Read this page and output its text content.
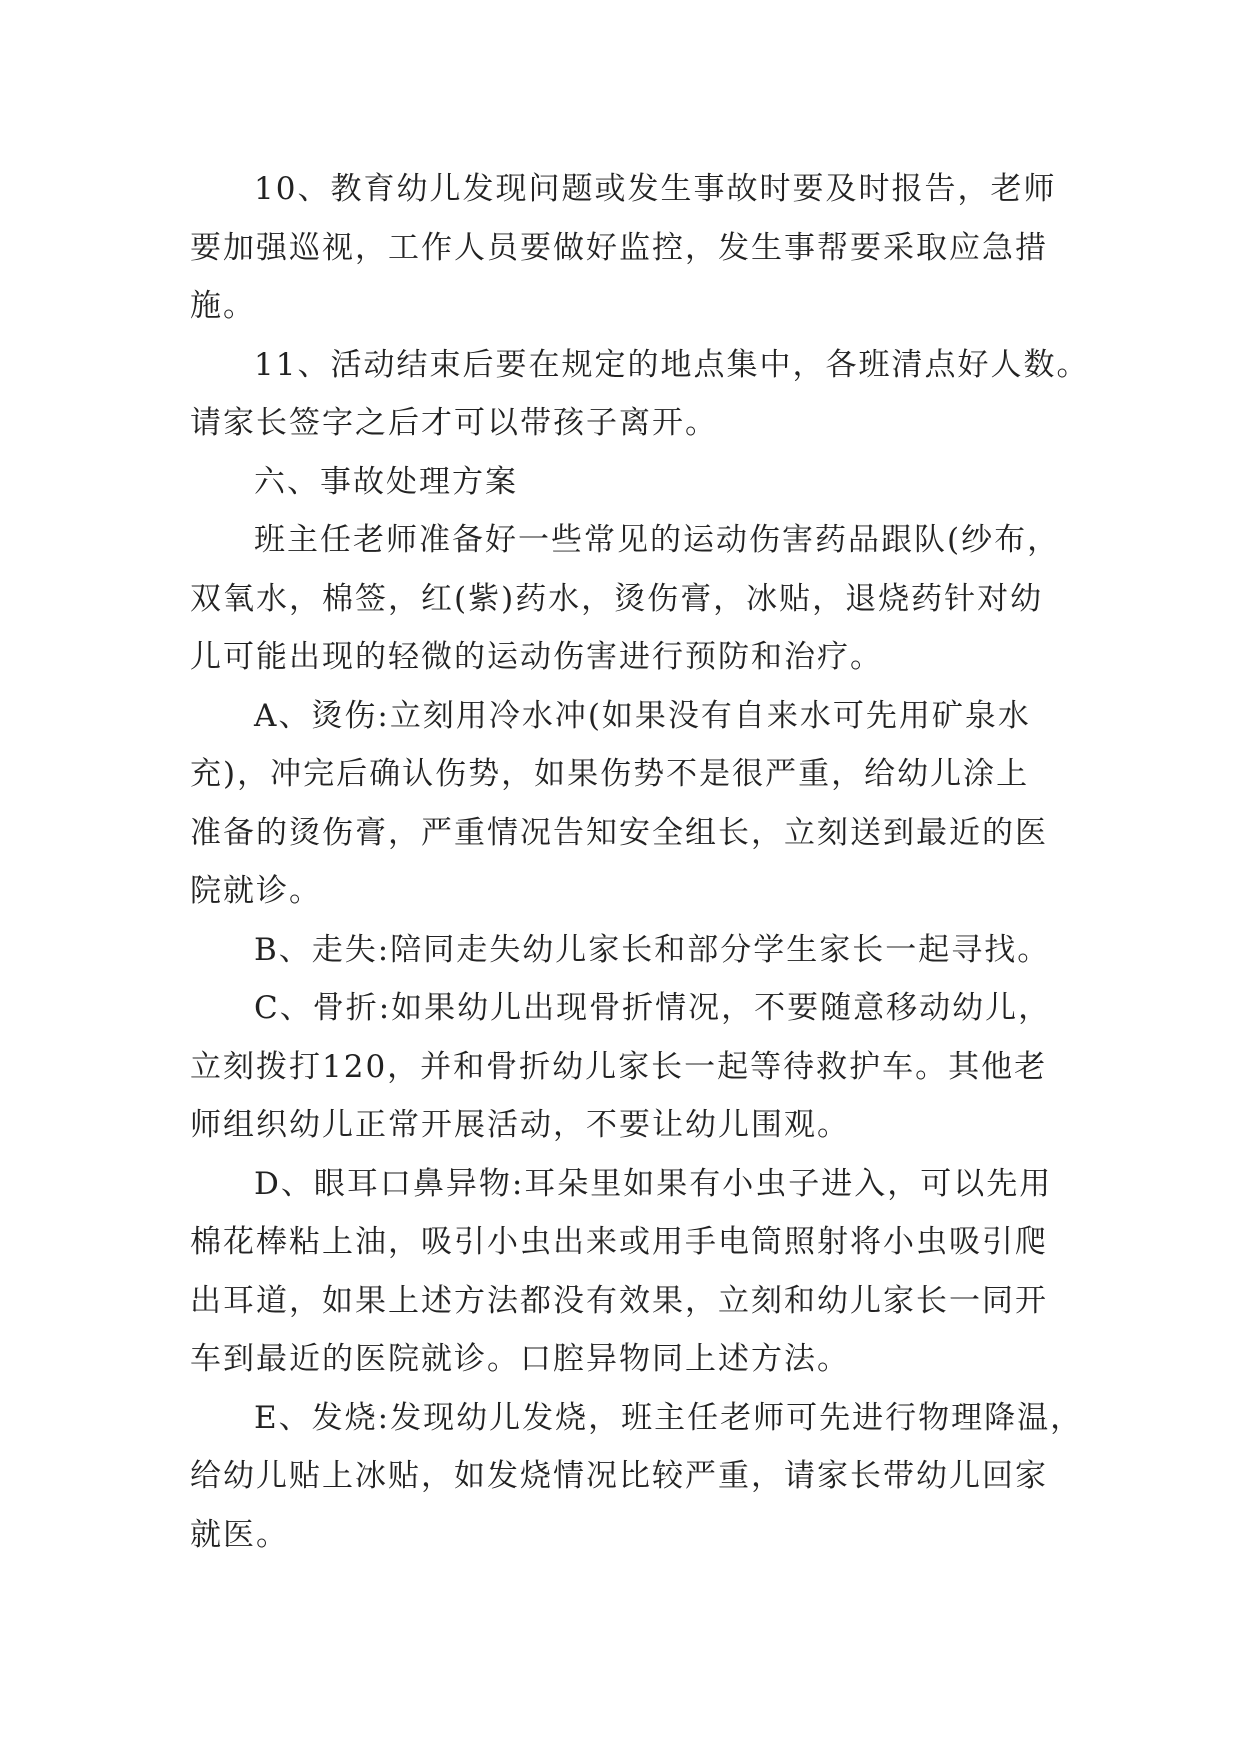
10、教育幼儿发现问题或发生事故时要及时报告，老师
要加强巡视，工作人员要做好监控，发生事帮要采取应急措
施。
11、活动结束后要在规定的地点集中，各班清点好人数。
请家长签字之后才可以带孩子离开。
六、事故处理方案
班主任老师准备好一些常见的运动伤害药品跟队(纱布，
双氧水，棉签，红(紫)药水，烫伤膏，冰贴，退烧药针对幼
儿可能出现的轻微的运动伤害进行预防和治疗。
A、烫伤:立刻用冷水冲(如果没有自来水可先用矿泉水
充)，冲完后确认伤势，如果伤势不是很严重，给幼儿涂上
准备的烫伤膏，严重情况告知安全组长，立刻送到最近的医
院就诊。
B、走失:陪同走失幼儿家长和部分学生家长一起寻找。
C、骨折:如果幼儿出现骨折情况，不要随意移动幼儿，
立刻拨打120，并和骨折幼儿家长一起等待救护车。其他老
师组织幼儿正常开展活动，不要让幼儿围观。
D、眼耳口鼻异物:耳朵里如果有小虫子进入，可以先用
棉花棒粘上油，吸引小虫出来或用手电筒照射将小虫吸引爬
出耳道，如果上述方法都没有效果，立刻和幼儿家长一同开
车到最近的医院就诊。口腔异物同上述方法。
E、发烧:发现幼儿发烧，班主任老师可先进行物理降温，
给幼儿贴上冰贴，如发烧情况比较严重，请家长带幼儿回家
就医。
